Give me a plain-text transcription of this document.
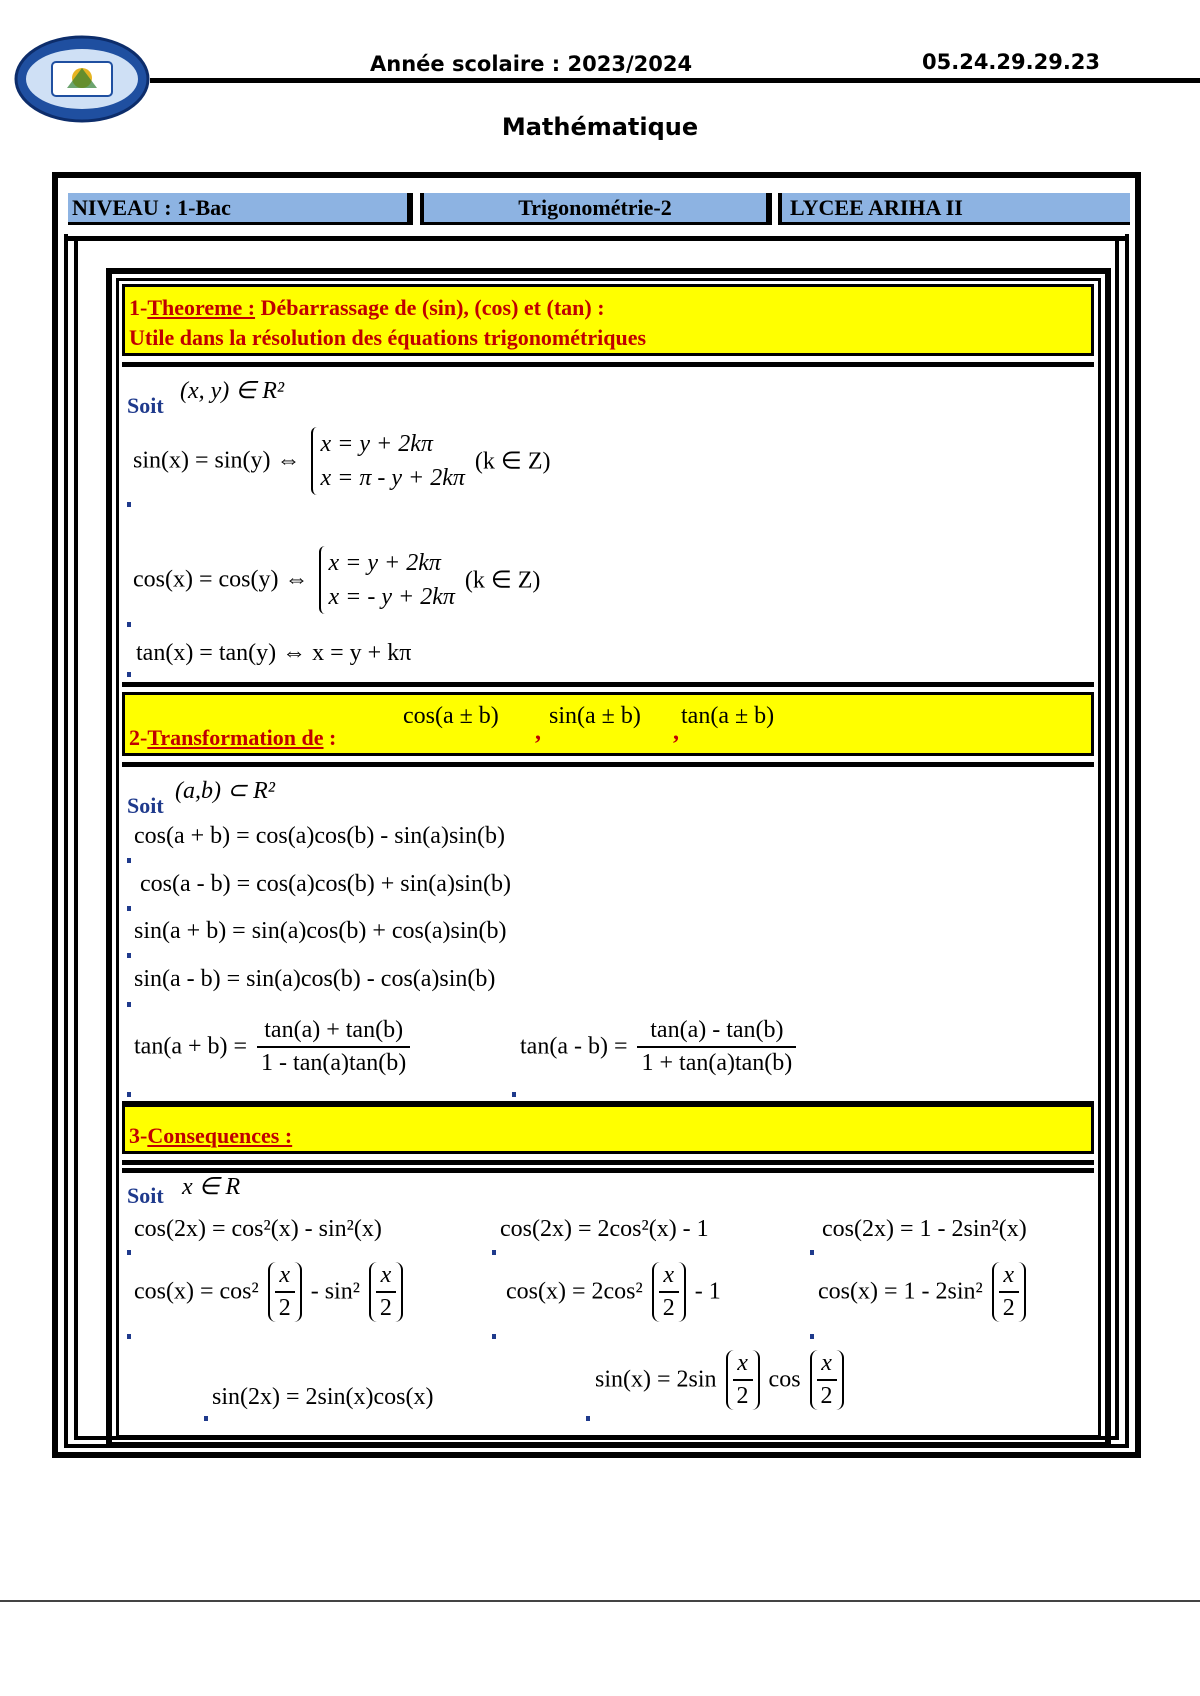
Année scolaire : 2023/2024	05.24.29.29.23
Mathématique
NIVEAU : 1-Bac	Trigonométrie-2	LYCEE ARIHA II
1-Theoreme : Débarrassage de (sin), (cos) et (tan) :
Utile dans la résolution des équations trigonométriques
Soit
(x, y) ∈ R²
sin(x) = sin(y) ⇔
x = y + 2kπ
x = π - y + 2kπ
(k ∈ Z)
cos(x) = cos(y) ⇔
x = y + 2kπ
x = - y + 2kπ
(k ∈ Z)
tan(x) = tan(y) ⇔ x = y + kπ
2-Transformation de :
cos(a ± b)
,
sin(a ± b)
,
tan(a ± b)
Soit
(a,b) ⊂ R²
cos(a + b) = cos(a)cos(b) - sin(a)sin(b)
cos(a - b) = cos(a)cos(b) + sin(a)sin(b)
sin(a + b) = sin(a)cos(b) + cos(a)sin(b)
sin(a - b) = sin(a)cos(b) - cos(a)sin(b)
$\tan(a + b) = \frac{\tan(a) + \tan(b)}{1 - \tan(a)\tan(b)}$	$\tan(a - b) = \frac{\tan(a) - \tan(b)}{1 + \tan(a)\tan(b)}$
3-Consequences :
Soit x ∈ R
cos(2x) = cos²(x) - sin²(x)	cos(2x) = 2cos²(x) - 1	cos(2x) = 1 - 2sin²(x)
$\cos(x) = \cos^2 \frac{x}{2} - \sin^2 \frac{x}{2}$	$\cos(x) = 2\cos^2 \frac{x}{2} - 1$	$\cos(x) = 1 - 2\sin^2 \frac{x}{2}$
sin(2x) = 2sin(x)cos(x)
$\sin(x) = 2\sin \frac{x}{2}$ $\cos \frac{x}{2}$
